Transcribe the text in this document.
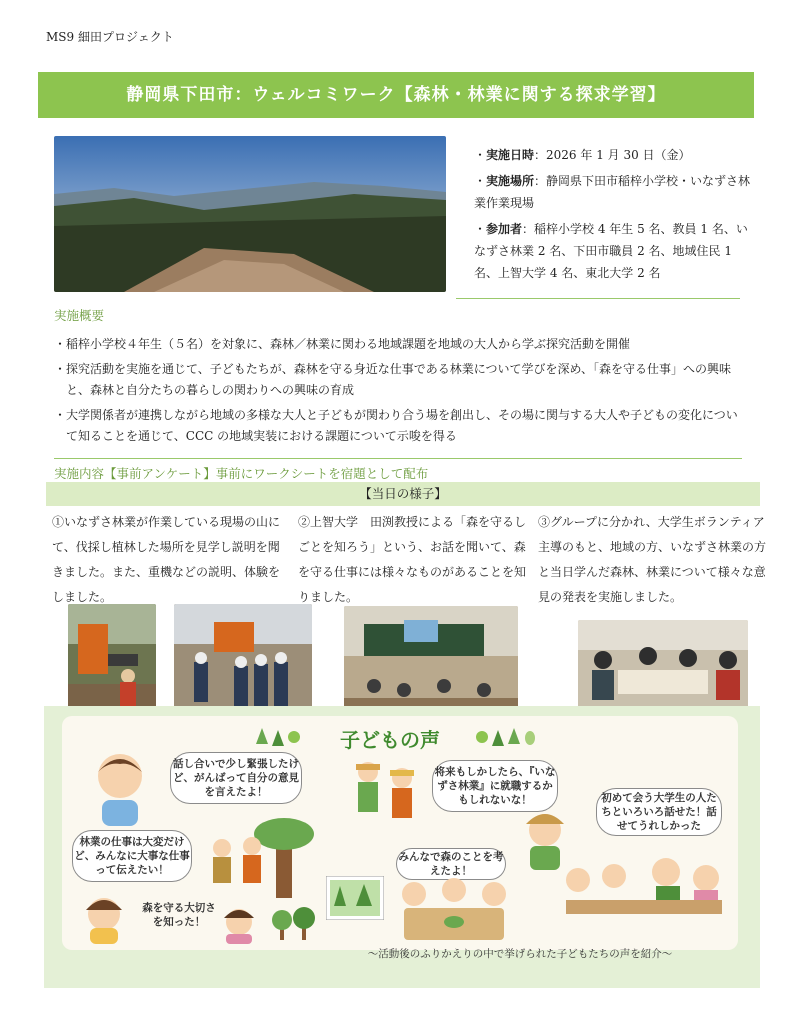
MS9 細田プロジェクト
静岡県下田市：ウェルコミワーク【森林・林業に関する探求学習】

・実施日時：2026 年 1 月 30 日（金）

・実施場所：静岡県下田市稲梓小学校・いなずさ林業作業現場

・参加者：稲梓小学校 4 年生 5 名、教員 1 名、いなずさ林業 2 名、下田市職員 2 名、地域住民 1 名、上智大学 4 名、東北大学 2 名

実施概要

・稲梓小学校４年生（５名）を対象に、森林／林業に関わる地域課題を地域の大人から学ぶ探究活動を開催

・探究活動を実施を通じて、子どもたちが、森林を守る身近な仕事である林業について学びを深め、「森を守る仕事」への興味と、森林と自分たちの暮らしの関わりへの興味の育成

・大学関係者が連携しながら地域の多様な大人と子どもが関わり合う場を創出し、その場に関与する大人や子どもの変化について知ることを通じて、CCC の地域実装における課題について示唆を得る

実施内容【事前アンケート】事前にワークシートを宿題として配布
【当日の様子】
①いなずさ林業が作業している現場の山にて、伐採し植林した場所を見学し説明を聞きました。また、重機などの説明、体験をしました。
②上智大学　田渕教授による「森を守るしごとを知ろう」という、お話を聞いて、森を守る仕事には様々なものがあることを知りました。
③グループに分かれ、大学生ボランティア主導のもと、地域の方、いなずさ林業の方と当日学んだ森林、林業について様々な意見の発表を実施しました。
子どもの声
話し合いで少し緊張したけど、がんばって自分の意見を言えたよ！
将来もしかしたら、『いなずさ林業』に就職するかもしれないな！	初めて会う大学生の人たちといろいろ話せた！話せてうれしかった
林業の仕事は大変だけど、みんなに大事な仕事って伝えたい！
みんなで森のことを考えたよ！
森を守る大切さを知った！
～活動後のふりかえりの中で挙げられた子どもたちの声を紹介～
